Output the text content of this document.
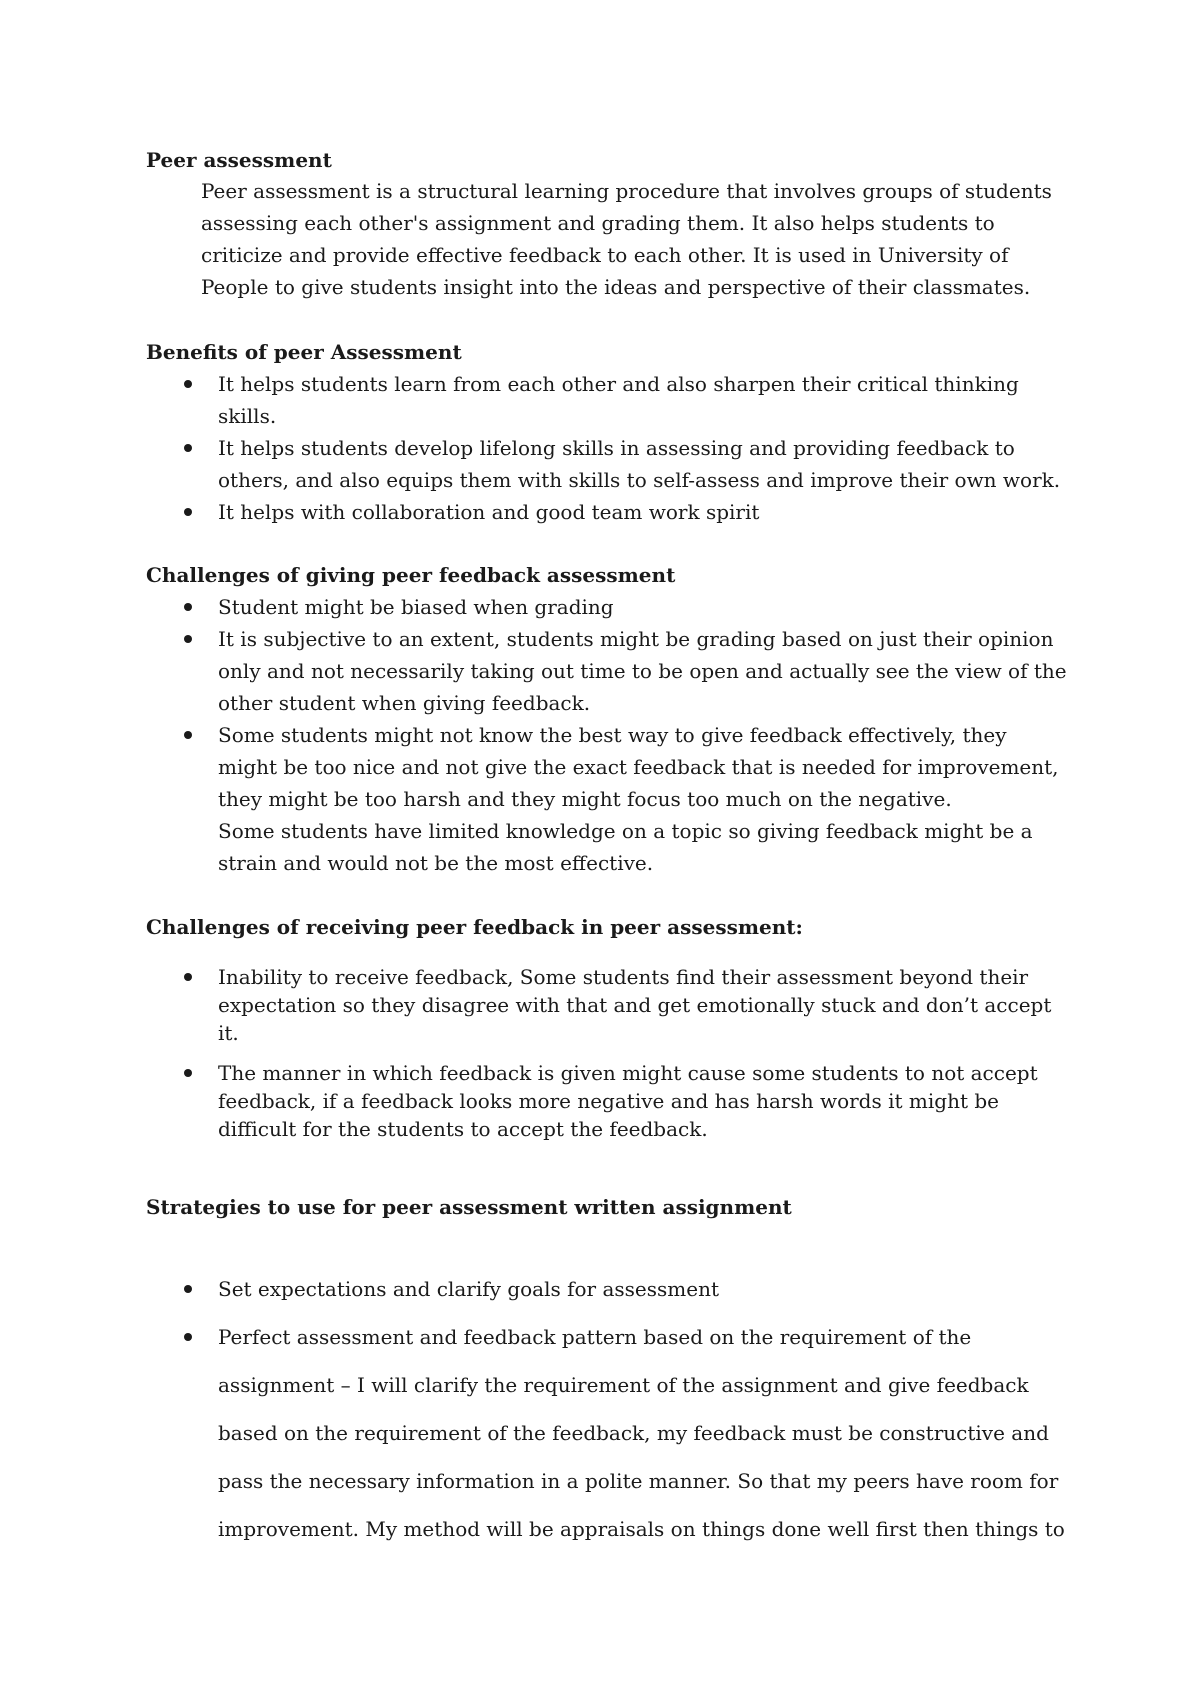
Peer assessment

Peer assessment is a structural learning procedure that involves groups of students assessing each other's assignment and grading them. It also helps students to criticize and provide effective feedback to each other. It is used in University of People to give students insight into the ideas and perspective of their classmates.

Benefits of peer Assessment
It helps students learn from each other and also sharpen their critical thinking skills.
It helps students develop lifelong skills in assessing and providing feedback to others, and also equips them with skills to self-assess and improve their own work.
It helps with collaboration and good team work spirit
Challenges of giving peer feedback assessment
Student might be biased when grading
It is subjective to an extent, students might be grading based on just their opinion only and not necessarily taking out time to be open and actually see the view of the other student when giving feedback.
Some students might not know the best way to give feedback effectively, they might be too nice and not give the exact feedback that is needed for improvement, they might be too harsh and they might focus too much on the negative.

Some students have limited knowledge on a topic so giving feedback might be a strain and would not be the most effective.

Challenges of receiving peer feedback in peer assessment:
Inability to receive feedback, Some students find their assessment beyond their expectation so they disagree with that and get emotionally stuck and don’t accept it.
The manner in which feedback is given might cause some students to not accept feedback, if a feedback looks more negative and has harsh words it might be difficult for the students to accept the feedback.
Strategies to use for peer assessment written assignment
Set expectations and clarify goals for assessment
Perfect assessment and feedback pattern based on the requirement of the assignment – I will clarify the requirement of the assignment and give feedback based on the requirement of the feedback, my feedback must be constructive and pass the necessary information in a polite manner. So that my peers have room for improvement. My method will be appraisals on things done well first then things to
